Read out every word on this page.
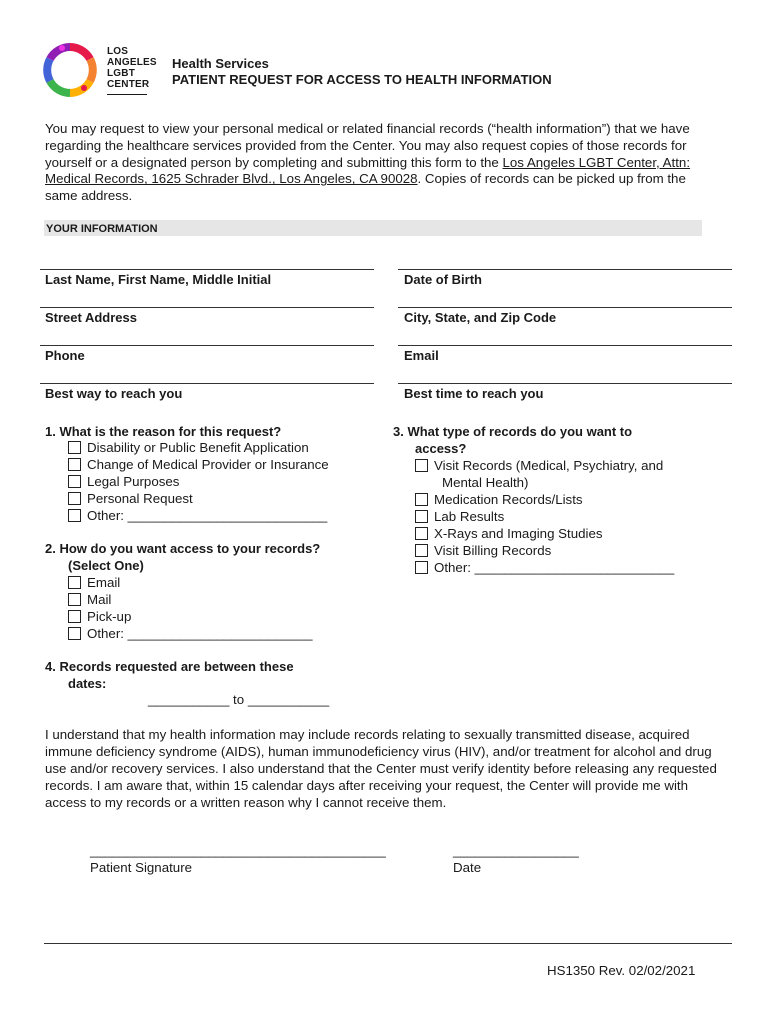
LOS
ANGELES
LGBT
CENTER
Health Services
PATIENT REQUEST FOR ACCESS TO HEALTH INFORMATION
You may request to view your personal medical or related financial records (“health information”) that we have regarding the healthcare services provided from the Center. You may also request copies of those records for yourself or a designated person by completing and submitting this form to the Los Angeles LGBT Center, Attn: Medical Records, 1625 Schrader Blvd., Los Angeles, CA 90028. Copies of records can be picked up from the same address.
YOUR INFORMATION
Last Name, First Name, Middle Initial
Street Address
Phone
Best way to reach you
Date of Birth
City, State, and Zip Code
Email
Best time to reach you
1. What is the reason for this request?
Disability or Public Benefit Application
Change of Medical Provider or Insurance
Legal Purposes
Personal Request
Other: ___________________________
2. How do you want access to your records?
(Select One)
Email
Mail
Pick-up
Other: _________________________
3. What type of records do you want to
access?
Visit Records (Medical, Psychiatry, and
Mental Health)
Medication Records/Lists
Lab Results
X-Rays and Imaging Studies
Visit Billing Records
Other: ___________________________
4. Records requested are between these
dates:
___________ to ___________
I understand that my health information may include records relating to sexually transmitted disease, acquired immune deficiency syndrome (AIDS), human immunodeficiency virus (HIV), and/or treatment for alcohol and drug use and/or recovery services. I also understand that the Center must verify identity before releasing any requested records. I am aware that, within 15 calendar days after receiving your request, the Center will provide me with access to my records or a written reason why I cannot receive them.
________________________________________
Patient Signature
_________________
Date
HS1350 Rev. 02/02/2021
